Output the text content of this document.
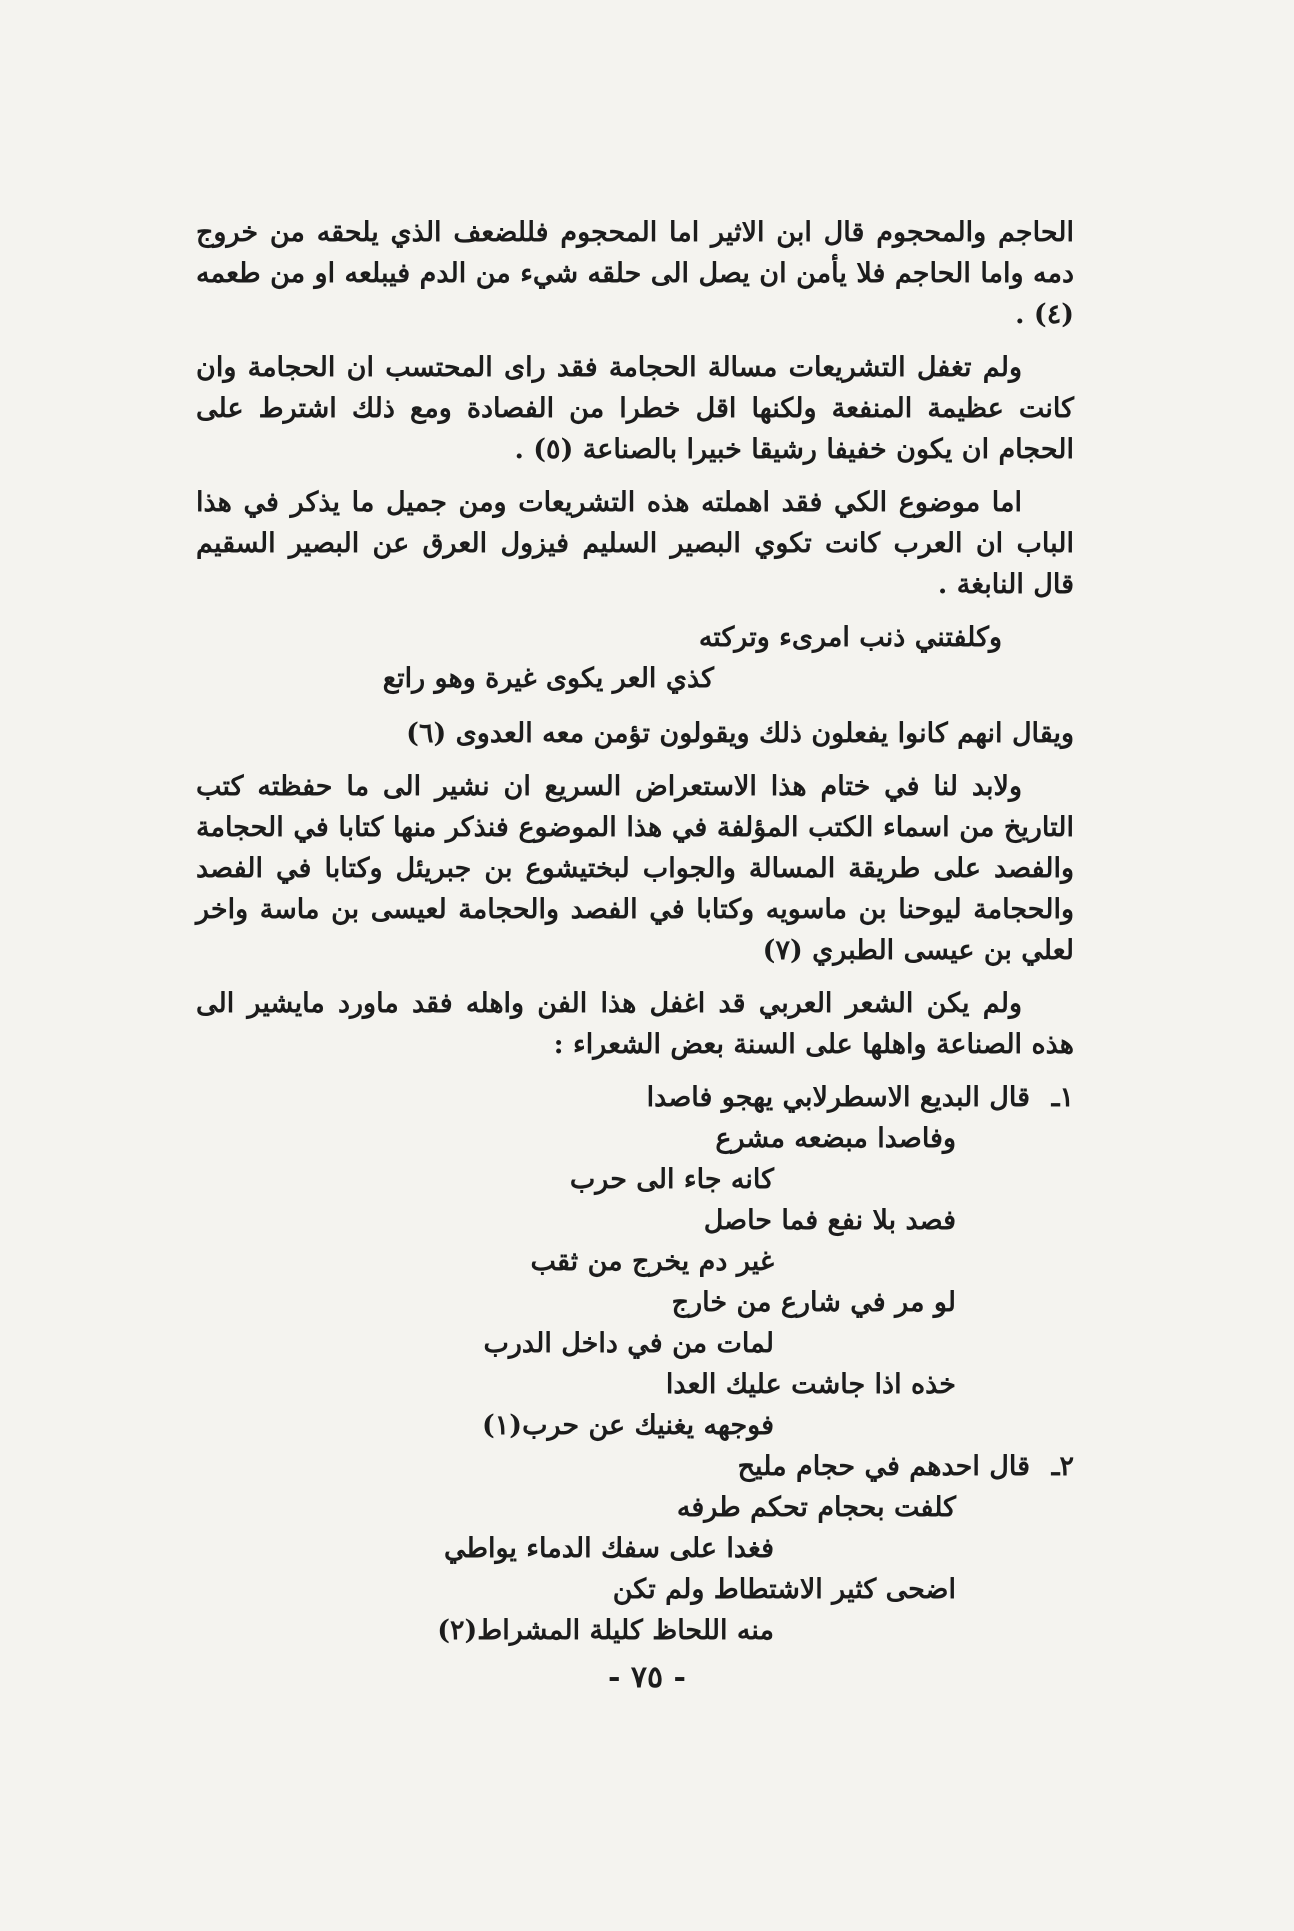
الحاجم والمحجوم قال ابن الاثير اما المحجوم فللضعف الذي يلحقه من خروج دمه واما الحاجم فلا يأمن ان يصل الى حلقه شيء من الدم فيبلعه او من طعمه (٤) .

ولم تغفل التشريعات مسالة الحجامة فقد راى المحتسب ان الحجامة وان كانت عظيمة المنفعة ولكنها اقل خطرا من الفصادة ومع ذلك اشترط على الحجام ان يكون خفيفا رشيقا خبيرا بالصناعة (٥) .

اما موضوع الكي فقد اهملته هذه التشريعات ومن جميل ما يذكر في هذا الباب ان العرب كانت تكوي البصير السليم فيزول العرق عن البصير السقيم قال النابغة .

وكلفتني ذنب امرىء وتركته
كذي العر يكوى غيرة وهو راتع

ويقال انهم كانوا يفعلون ذلك ويقولون تؤمن معه العدوى (٦)

ولابد لنا في ختام هذا الاستعراض السريع ان نشير الى ما حفظته كتب التاريخ من اسماء الكتب المؤلفة في هذا الموضوع فنذكر منها كتابا في الحجامة والفصد على طريقة المسالة والجواب لبختيشوع بن جبريئل وكتابا في الفصد والحجامة ليوحنا بن ماسويه وكتابا في الفصد والحجامة لعيسى بن ماسة واخر لعلي بن عيسى الطبري (٧)

ولم يكن الشعر العربي قد اغفل هذا الفن واهله فقد ماورد مايشير الى هذه الصناعة واهلها على السنة بعض الشعراء :

١ـقال البديع الاسطرلابي يهجو فاصدا
وفاصدا مبضعه مشرع
كانه جاء الى حرب
فصد بلا نفع فما حاصل
غير دم يخرج من ثقب
لو مر في شارع من خارج
لمات من في داخل الدرب
خذه اذا جاشت عليك العدا
فوجهه يغنيك عن حرب(١)
٢ـقال احدهم في حجام مليح
كلفت بحجام تحكم طرفه
فغدا على سفك الدماء يواطي
اضحى كثير الاشتطاط ولم تكن
منه اللحاظ كليلة المشراط(٢)
- ٧٥ -
